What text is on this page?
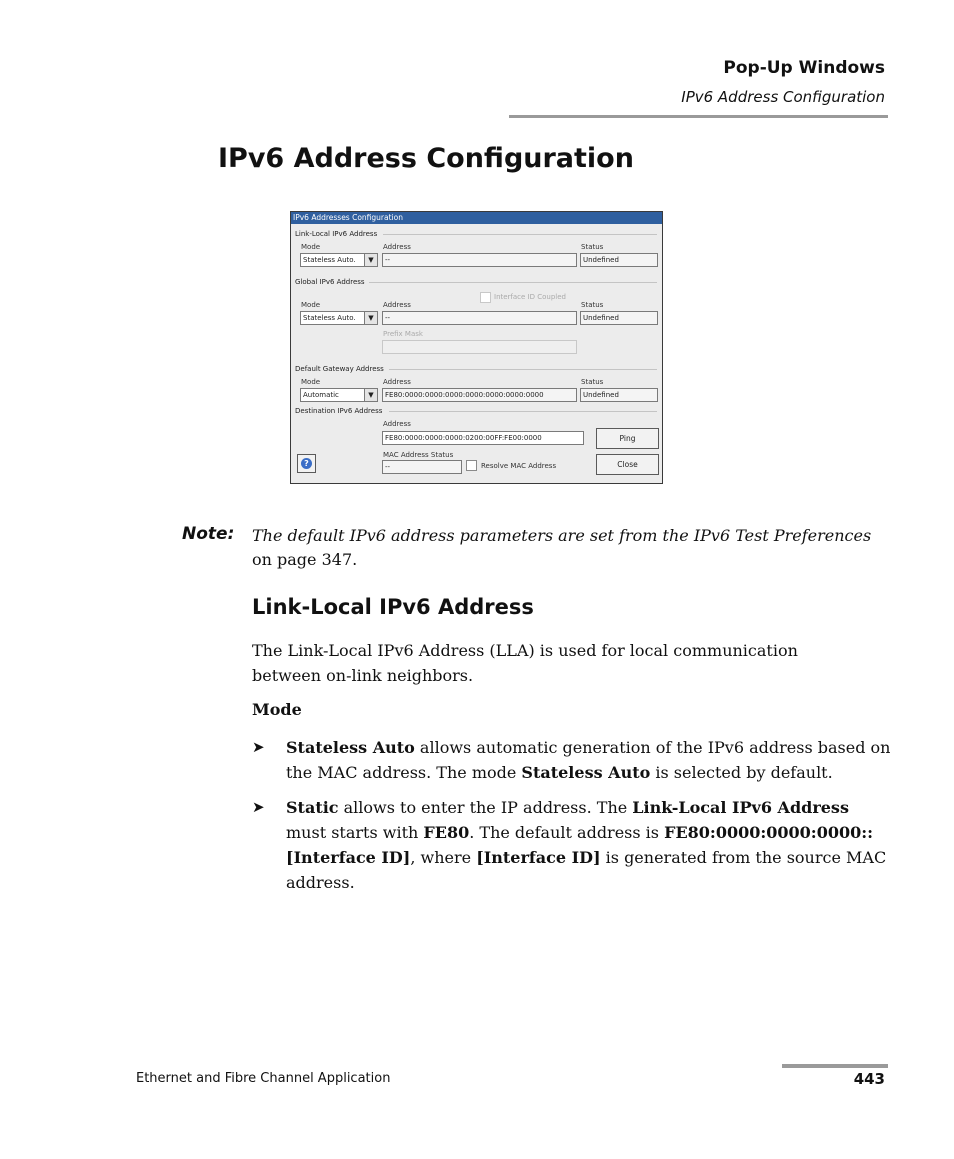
Pop-Up Windows
IPv6 Address Configuration
IPv6 Address Configuration
IPv6 Addresses Configuration
Link-Local IPv6 Address
Mode
Stateless Auto.	▼
Address
--
Status
Undefined
Global IPv6 Address
Interface ID Coupled
Mode
Stateless Auto.	▼
Address
--
Status
Undefined
Prefix Mask
Default Gateway Address
Mode
Automatic	▼
Address
FE80:0000:0000:0000:0000:0000:0000:0000
Status
Undefined
Destination IPv6 Address
Address
FE80:0000:0000:0000:0200:00FF:FE00:0000	Ping
MAC Address Status
--	Resolve MAC Address	Close
?
Note: The default IPv6 address parameters are set from the IPv6 Test Preferences on page 347.
Link-Local IPv6 Address
The Link-Local IPv6 Address (LLA) is used for local communication between on-link neighbors.
Mode
➤ Stateless Auto allows automatic generation of the IPv6 address based on the MAC address. The mode Stateless Auto is selected by default.
➤ Static allows to enter the IP address. The Link-Local IPv6 Address must starts with FE80. The default address is FE80:0000:0000:0000::[Interface ID], where [Interface ID] is generated from the source MAC address.
Ethernet and Fibre Channel Application	443
